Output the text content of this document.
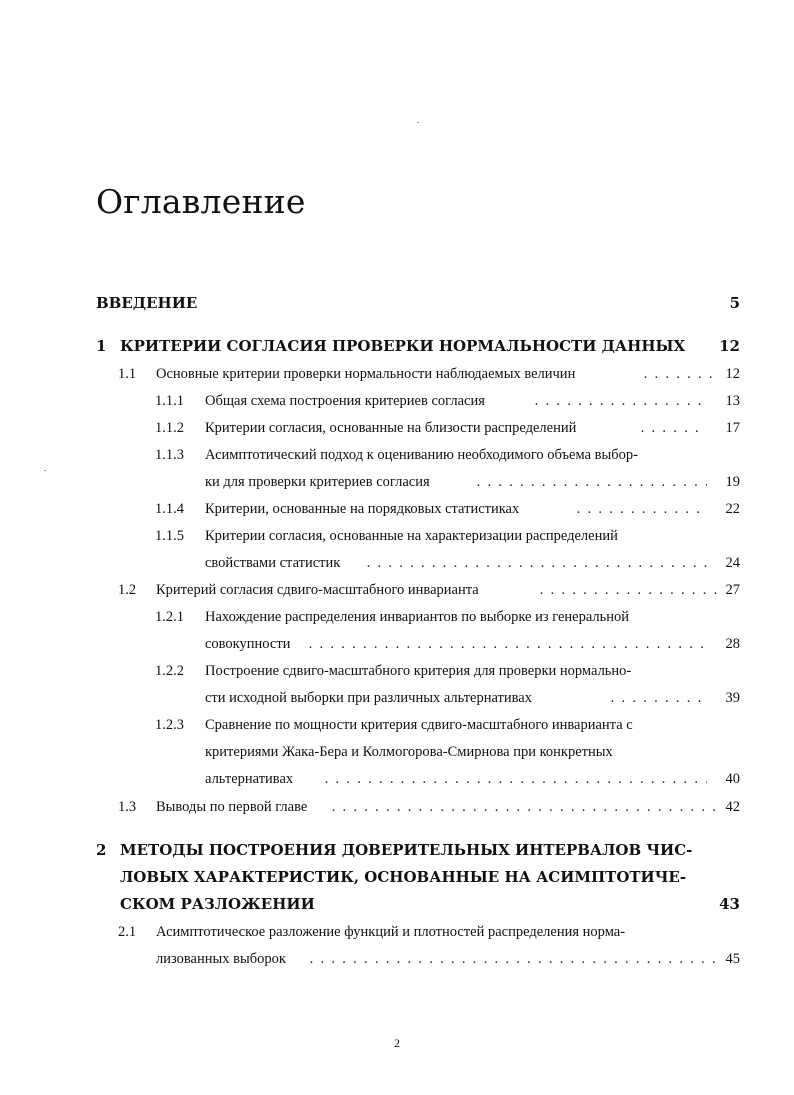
Оглавление
ВВЕДЕНИЕ	5
1 КРИТЕРИИ СОГЛАСИЯ ПРОВЕРКИ НОРМАЛЬНОСТИ ДАННЫХ 12
1.1 Основные критерии проверки нормальности наблюдаемых величин . .	12
1.1.1 Общая схема построения критериев согласия . .	13
1.1.2 Критерии согласия, основанные на близости распределений . .	17
1.1.3 Асимптотический подход к оцениванию необходимого объема выбор-
ки для проверки критериев согласия . .	19
1.1.4 Критерии, основанные на порядковых статистиках . .	22
1.1.5 Критерии согласия, основанные на характеризации распределений
свойствами статистик . .	24
1.2 Критерий согласия сдвиго-масштабного инварианта . .	27
1.2.1 Нахождение распределения инвариантов по выборке из генеральной
совокупности . .	28
1.2.2 Построение сдвиго-масштабного критерия для проверки нормально-
сти исходной выборки при различных альтернативах . .	39
1.2.3 Сравнение по мощности критерия сдвиго-масштабного инварианта с
критериями Жака-Бера и Колмогорова-Смирнова при конкретных
альтернативах . .	40
1.3 Выводы по первой главе . .	42
2 МЕТОДЫ ПОСТРОЕНИЯ ДОВЕРИТЕЛЬНЫХ ИНТЕРВАЛОВ ЧИС-
ЛОВЫХ ХАРАКТЕРИСТИК, ОСНОВАННЫЕ НА АСИМПТОТИЧЕ-
СКОМ РАЗЛОЖЕНИИ	43
2.1 Асимптотическое разложение функций и плотностей распределения норма-
лизованных выборок . .	45
2
